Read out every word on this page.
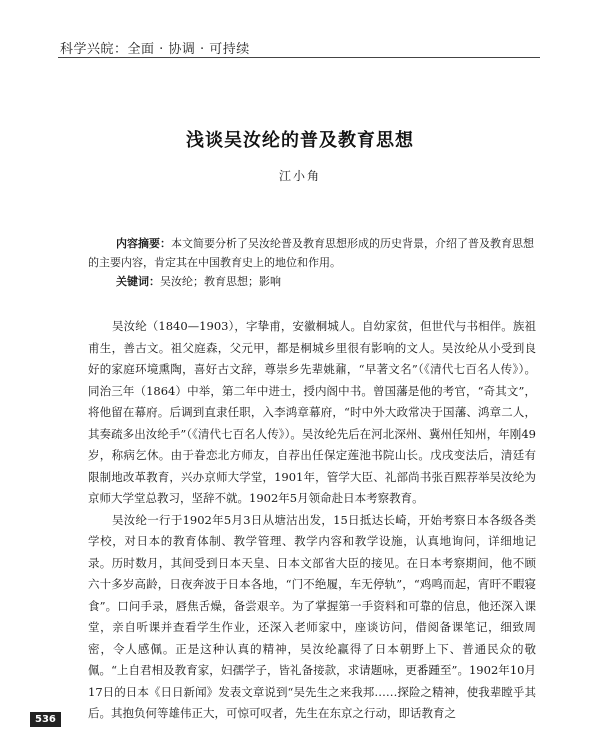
科学兴皖：全面 · 协调 · 可持续
浅谈吴汝纶的普及教育思想
江小角

内容摘要：本文简要分析了吴汝纶普及教育思想形成的历史背景，介绍了普及教育思想的主要内容，肯定其在中国教育史上的地位和作用。

关键词：吴汝纶；教育思想；影响

吴汝纶（1840—1903），字挚甫，安徽桐城人。自幼家贫，但世代与书相伴。族祖甫生，善古文。祖父庭森，父元甲，都是桐城乡里很有影响的文人。吴汝纶从小受到良好的家庭环境熏陶，喜好古文辞，尊崇乡先辈姚鼐，“早著文名”（《清代七百名人传》）。同治三年（1864）中举，第二年中进士，授内阁中书。曾国藩是他的考官，“奇其文”，将他留在幕府。后调到直隶任职，入李鸿章幕府，“时中外大政常决于国藩、鸿章二人，其奏疏多出汝纶手”（《清代七百名人传》）。吴汝纶先后在河北深州、冀州任知州，年刚49岁，称病乞休。由于眷恋北方师友，自荐出任保定莲池书院山长。戊戌变法后，清廷有限制地改革教育，兴办京师大学堂，1901年，管学大臣、礼部尚书张百熙荐举吴汝纶为京师大学堂总教习，坚辞不就。1902年5月领命赴日本考察教育。

吴汝纶一行于1902年5月3日从塘沽出发，15日抵达长崎，开始考察日本各级各类学校，对日本的教育体制、教学管理、教学内容和教学设施，认真地询问，详细地记录。历时数月，其间受到日本天皇、日本文部省大臣的接见。在日本考察期间，他不顾六十多岁高龄，日夜奔波于日本各地，“门不绝履，车无停轨”，“鸡鸣而起，宵旰不暇寝食”。口问手录，唇焦舌燥，备尝艰辛。为了掌握第一手资料和可靠的信息，他还深入课堂，亲自听课并查看学生作业，还深入老师家中，座谈访问，借阅备课笔记，细致周密，令人感佩。正是这种认真的精神，吴汝纶赢得了日本朝野上下、普通民众的敬佩。“上自君相及教育家，妇孺学子，皆礼备接款，求请题咏，更番踵至”。1902年10月17日的日本《日日新闻》发表文章说到“吴先生之来我邦……探险之精神，使我辈瞠乎其后。其抱负何等雄伟正大，可惊可叹者，先生在东京之行动，即话教育之

536
